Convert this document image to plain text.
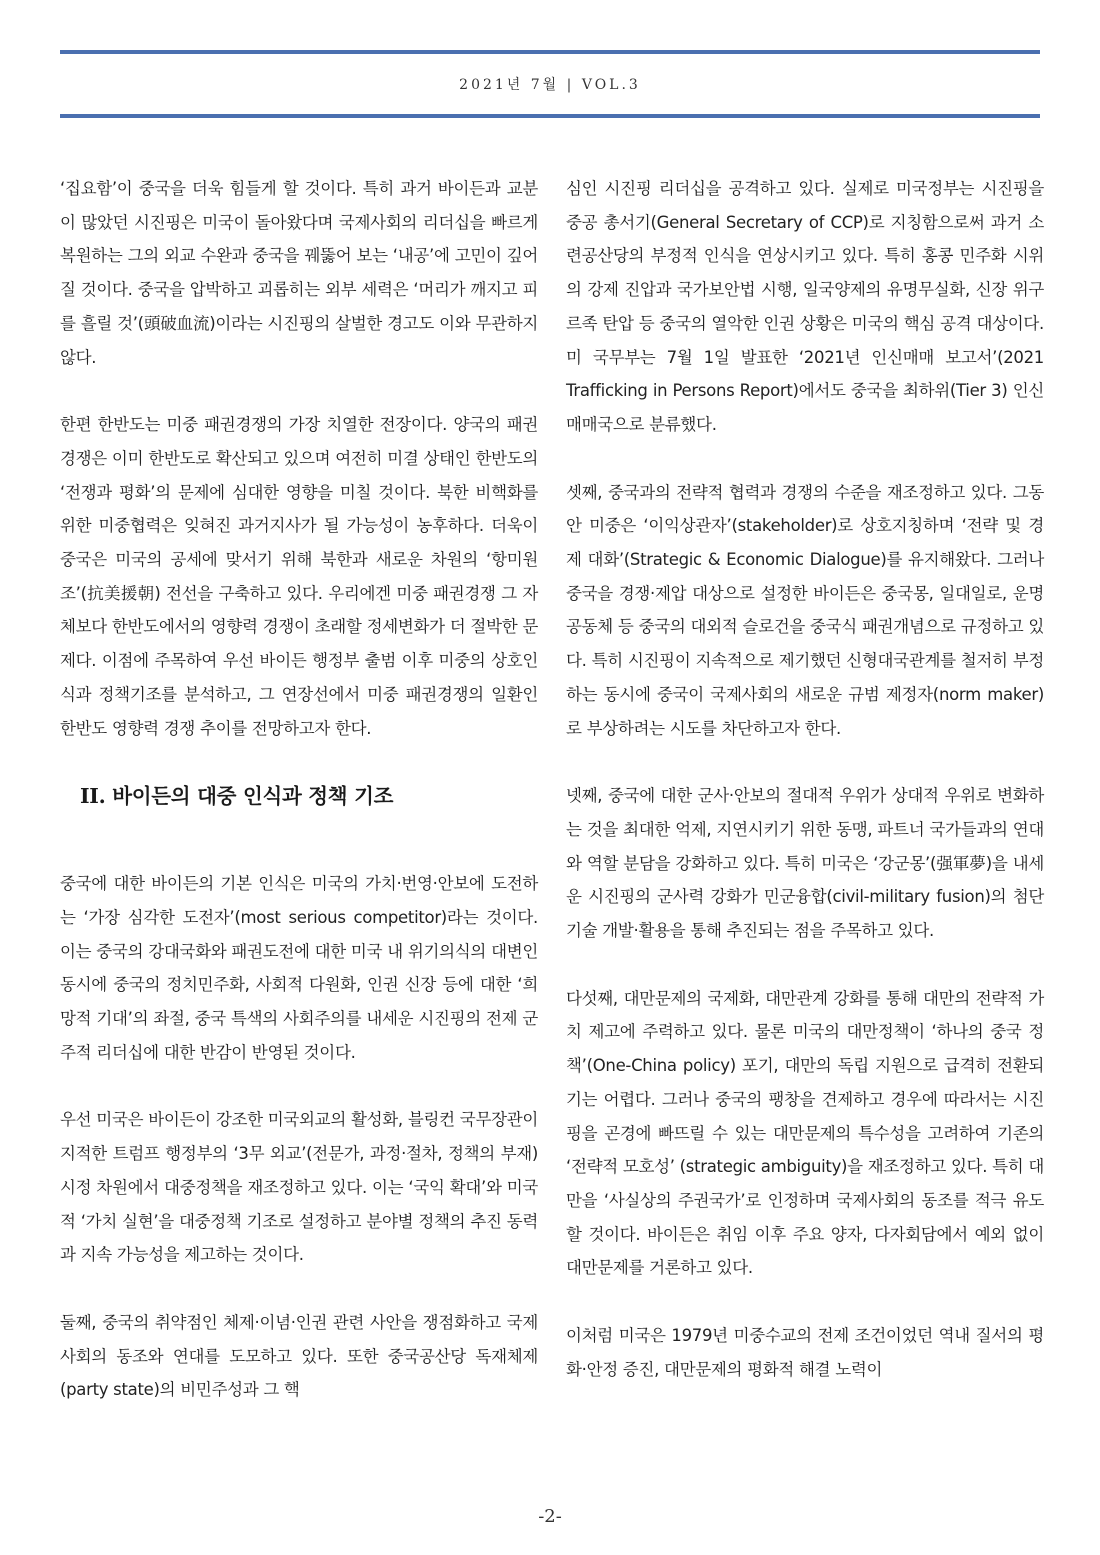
2021년 7월 | VOL.3

‘집요함’이 중국을 더욱 힘들게 할 것이다. 특히 과거 바이든과 교분이 많았던 시진핑은 미국이 돌아왔다며 국제사회의 리더십을 빠르게 복원하는 그의 외교 수완과 중국을 꿰뚫어 보는 ‘내공’에 고민이 깊어질 것이다. 중국을 압박하고 괴롭히는 외부 세력은 ‘머리가 깨지고 피를 흘릴 것’(頭破血流)이라는 시진핑의 살벌한 경고도 이와 무관하지 않다.

한편 한반도는 미중 패권경쟁의 가장 치열한 전장이다. 양국의 패권경쟁은 이미 한반도로 확산되고 있으며 여전히 미결 상태인 한반도의 ‘전쟁과 평화’의 문제에 심대한 영향을 미칠 것이다. 북한 비핵화를 위한 미중협력은 잊혀진 과거지사가 될 가능성이 농후하다. 더욱이 중국은 미국의 공세에 맞서기 위해 북한과 새로운 차원의 ‘항미원조’(抗美援朝) 전선을 구축하고 있다. 우리에겐 미중 패권경쟁 그 자체보다 한반도에서의 영향력 경쟁이 초래할 정세변화가 더 절박한 문제다. 이점에 주목하여 우선 바이든 행정부 출범 이후 미중의 상호인식과 정책기조를 분석하고, 그 연장선에서 미중 패권경쟁의 일환인 한반도 영향력 경쟁 추이를 전망하고자 한다.

II. 바이든의 대중 인식과 정책 기조

중국에 대한 바이든의 기본 인식은 미국의 가치·번영·안보에 도전하는 ‘가장 심각한 도전자’(most serious competitor)라는 것이다. 이는 중국의 강대국화와 패권도전에 대한 미국 내 위기의식의 대변인 동시에 중국의 정치민주화, 사회적 다원화, 인권 신장 등에 대한 ‘희망적 기대’의 좌절, 중국 특색의 사회주의를 내세운 시진핑의 전제 군주적 리더십에 대한 반감이 반영된 것이다.

우선 미국은 바이든이 강조한 미국외교의 활성화, 블링컨 국무장관이 지적한 트럼프 행정부의 ‘3무 외교’(전문가, 과정·절차, 정책의 부재) 시정 차원에서 대중정책을 재조정하고 있다. 이는 ‘국익 확대’와 미국적 ‘가치 실현’을 대중정책 기조로 설정하고 분야별 정책의 추진 동력과 지속 가능성을 제고하는 것이다.

둘째, 중국의 취약점인 체제·이념·인권 관련 사안을 쟁점화하고 국제사회의 동조와 연대를 도모하고 있다. 또한 중국공산당 독재체제(party state)의 비민주성과 그 핵

심인 시진핑 리더십을 공격하고 있다. 실제로 미국정부는 시진핑을 중공 총서기(General Secretary of CCP)로 지칭함으로써 과거 소련공산당의 부정적 인식을 연상시키고 있다. 특히 홍콩 민주화 시위의 강제 진압과 국가보안법 시행, 일국양제의 유명무실화, 신장 위구르족 탄압 등 중국의 열악한 인권 상황은 미국의 핵심 공격 대상이다. 미 국무부는 7월 1일 발표한 ‘2021년 인신매매 보고서’(2021 Trafficking in Persons Report)에서도 중국을 최하위(Tier 3) 인신매매국으로 분류했다.

셋째, 중국과의 전략적 협력과 경쟁의 수준을 재조정하고 있다. 그동안 미중은 ‘이익상관자’(stakeholder)로 상호지칭하며 ‘전략 및 경제 대화’(Strategic & Economic Dialogue)를 유지해왔다. 그러나 중국을 경쟁·제압 대상으로 설정한 바이든은 중국몽, 일대일로, 운명공동체 등 중국의 대외적 슬로건을 중국식 패권개념으로 규정하고 있다. 특히 시진핑이 지속적으로 제기했던 신형대국관계를 철저히 부정하는 동시에 중국이 국제사회의 새로운 규범 제정자(norm maker)로 부상하려는 시도를 차단하고자 한다.

넷째, 중국에 대한 군사·안보의 절대적 우위가 상대적 우위로 변화하는 것을 최대한 억제, 지연시키기 위한 동맹, 파트너 국가들과의 연대와 역할 분담을 강화하고 있다. 특히 미국은 ‘강군몽’(强軍夢)을 내세운 시진핑의 군사력 강화가 민군융합(civil-military fusion)의 첨단기술 개발·활용을 통해 추진되는 점을 주목하고 있다.

다섯째, 대만문제의 국제화, 대만관계 강화를 통해 대만의 전략적 가치 제고에 주력하고 있다. 물론 미국의 대만정책이 ‘하나의 중국 정책’(One-China policy) 포기, 대만의 독립 지원으로 급격히 전환되기는 어렵다. 그러나 중국의 팽창을 견제하고 경우에 따라서는 시진핑을 곤경에 빠뜨릴 수 있는 대만문제의 특수성을 고려하여 기존의 ‘전략적 모호성’ (strategic ambiguity)을 재조정하고 있다. 특히 대만을 ‘사실상의 주권국가’로 인정하며 국제사회의 동조를 적극 유도할 것이다. 바이든은 취임 이후 주요 양자, 다자회담에서 예외 없이 대만문제를 거론하고 있다.

이처럼 미국은 1979년 미중수교의 전제 조건이었던 역내 질서의 평화·안정 증진, 대만문제의 평화적 해결 노력이

-2-
